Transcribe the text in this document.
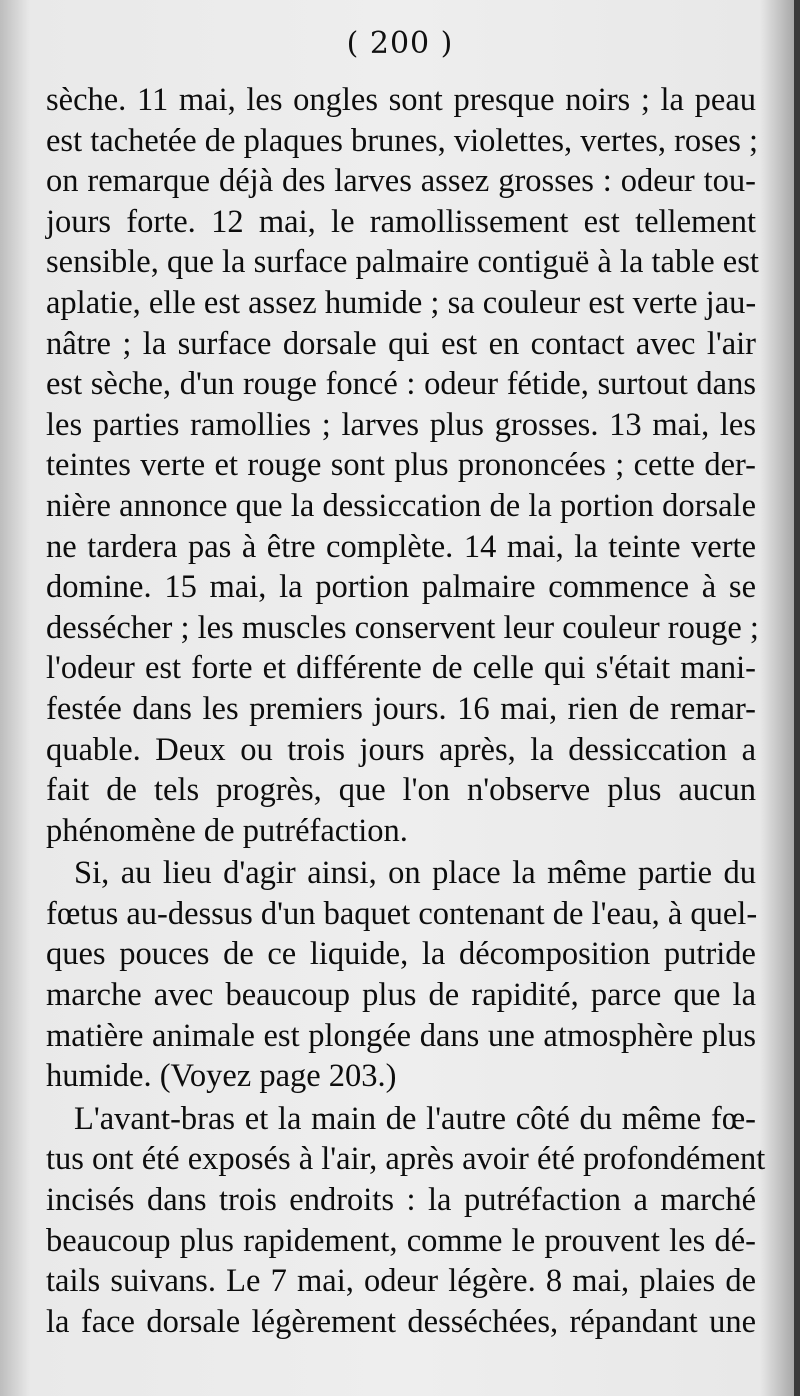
( 200 )
sèche. 11 mai, les ongles sont presque noirs ; la peau
est tachetée de plaques brunes, violettes, vertes, roses ;
on remarque déjà des larves assez grosses : odeur tou-
jours forte. 12 mai, le ramollissement est tellement
sensible, que la surface palmaire contiguë à la table est
aplatie, elle est assez humide ; sa couleur est verte jau-
nâtre ; la surface dorsale qui est en contact avec l'air
est sèche, d'un rouge foncé : odeur fétide, surtout dans
les parties ramollies ; larves plus grosses. 13 mai, les
teintes verte et rouge sont plus prononcées ; cette der-
nière annonce que la dessiccation de la portion dorsale
ne tardera pas à être complète. 14 mai, la teinte verte
domine. 15 mai, la portion palmaire commence à se
dessécher ; les muscles conservent leur couleur rouge ;
l'odeur est forte et différente de celle qui s'était mani-
festée dans les premiers jours. 16 mai, rien de remar-
quable. Deux ou trois jours après, la dessiccation a
fait de tels progrès, que l'on n'observe plus aucun
phénomène de putréfaction.
Si, au lieu d'agir ainsi, on place la même partie du
fœtus au-dessus d'un baquet contenant de l'eau, à quel-
ques pouces de ce liquide, la décomposition putride
marche avec beaucoup plus de rapidité, parce que la
matière animale est plongée dans une atmosphère plus
humide. (Voyez page 203.)
L'avant-bras et la main de l'autre côté du même fœ-
tus ont été exposés à l'air, après avoir été profondément
incisés dans trois endroits : la putréfaction a marché
beaucoup plus rapidement, comme le prouvent les dé-
tails suivans. Le 7 mai, odeur légère. 8 mai, plaies de
la face dorsale légèrement desséchées, répandant une
